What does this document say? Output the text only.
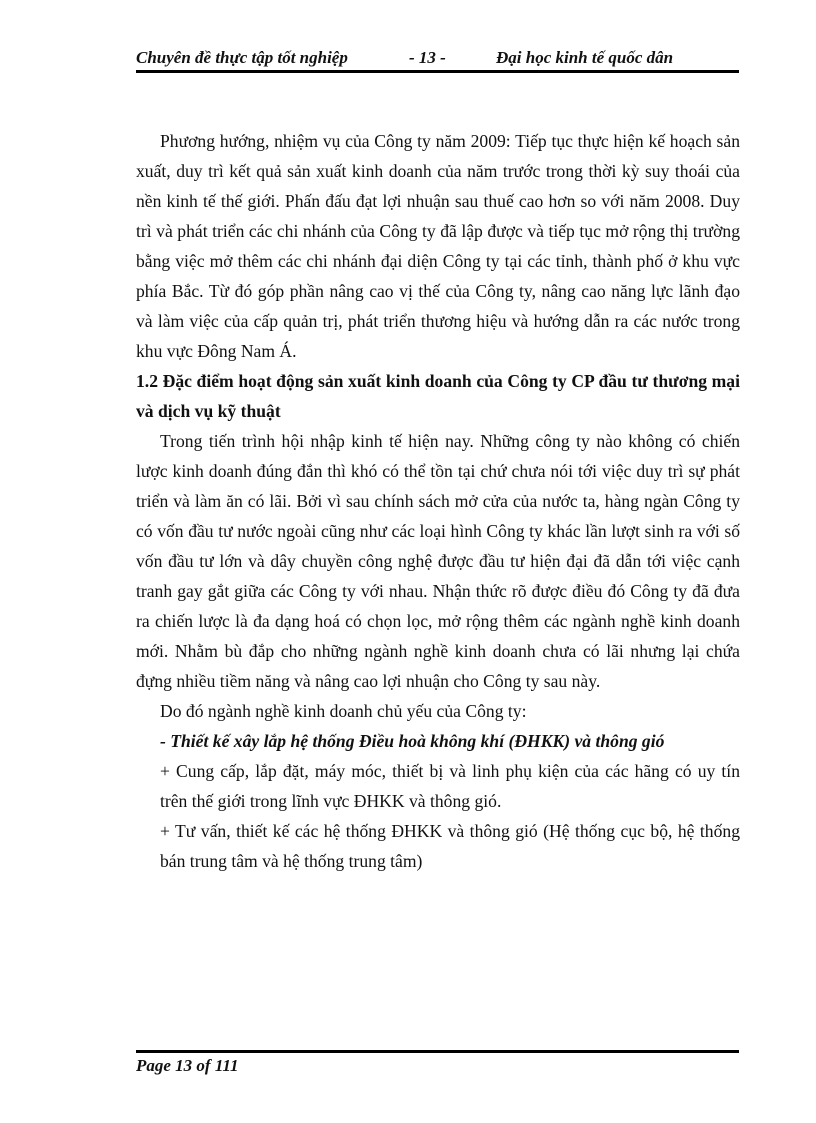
Chuyên đề thực tập tốt nghiệp	- 13 -	Đại học kinh tế quốc dân

Phương hướng, nhiệm vụ của Công ty năm 2009: Tiếp tục thực hiện kế hoạch sản xuất, duy trì kết quả sản xuất kinh doanh của năm trước trong thời kỳ suy thoái của nền kinh tế thế giới. Phấn đấu đạt lợi nhuận sau thuế cao hơn so với năm 2008. Duy trì và phát triển các chi nhánh của Công ty đã lập được và tiếp tục mở rộng thị trường bằng việc mở thêm các chi nhánh đại diện Công ty tại các tỉnh, thành phố ở khu vực phía Bắc. Từ đó góp phần nâng cao vị thế của Công ty, nâng cao năng lực lãnh đạo và làm việc của cấp quản trị, phát triển thương hiệu và hướng dẫn ra các nước trong khu vực Đông Nam Á.

1.2 Đặc điểm hoạt động sản xuất kinh doanh của Công ty CP đầu tư thương mại và dịch vụ kỹ thuật

Trong tiến trình hội nhập kinh tế hiện nay. Những công ty nào không có chiến lược kinh doanh đúng đắn thì khó có thể tồn tại chứ chưa nói tới việc duy trì sự phát triển và làm ăn có lãi. Bởi vì sau chính sách mở cửa của nước ta, hàng ngàn Công ty có vốn đầu tư nước ngoài cũng như các loại hình Công ty khác lần lượt sinh ra với số vốn đầu tư lớn và dây chuyền công nghệ được đầu tư hiện đại đã dẫn tới việc cạnh tranh gay gắt giữa các Công ty với nhau. Nhận thức rõ được điều đó Công ty đã đưa ra chiến lược là đa dạng hoá có chọn lọc, mở rộng thêm các ngành nghề kinh doanh mới. Nhằm bù đắp cho những ngành nghề kinh doanh chưa có lãi nhưng lại chứa đựng nhiều tiềm năng và nâng cao lợi nhuận cho Công ty sau này.

Do đó ngành nghề kinh doanh chủ yếu của Công ty:

- Thiết kế xây lắp hệ thống Điều hoà không khí (ĐHKK) và thông gió

+ Cung cấp, lắp đặt, máy móc, thiết bị và linh phụ kiện của các hãng có uy tín trên thế giới trong lĩnh vực ĐHKK và thông gió.

+ Tư vấn, thiết kế các hệ thống ĐHKK và thông gió (Hệ thống cục bộ, hệ thống bán trung tâm và hệ thống trung tâm)

Page 13 of 111
